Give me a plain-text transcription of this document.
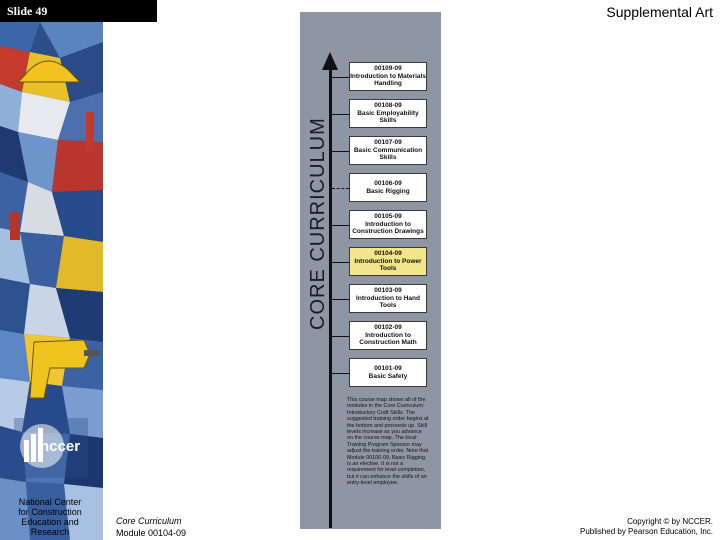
Slide 49	Supplemental Art
nccer
National Center
for Construction
Education and
Research
Core Curriculum
Module 00104-09
Copyright © by NCCER.
Published by Pearson Education, Inc.
CORE CURRICULUM
00109-09
Introduction to Materials Handling
00108-09
Basic Employability Skills
00107-09
Basic Communication Skills
00106-09
Basic Rigging
00105-09
Introduction to Construction Drawings
00104-09
Introduction to Power Tools
00103-09
Introduction to Hand Tools
00102-09
Introduction to Construction Math
00101-09
Basic Safety
This course map shows all of the modules in the Core Curriculum: Introductory Craft Skills. The suggested training order begins at the bottom and proceeds up. Skill levels increase as you advance on the course map. The local Training Program Sponsor may adjust the training order. Note that Module 00106-09, Basic Rigging, is an elective. It is not a requirement for level completion, but it can enhance the skills of an entry-level employee.
